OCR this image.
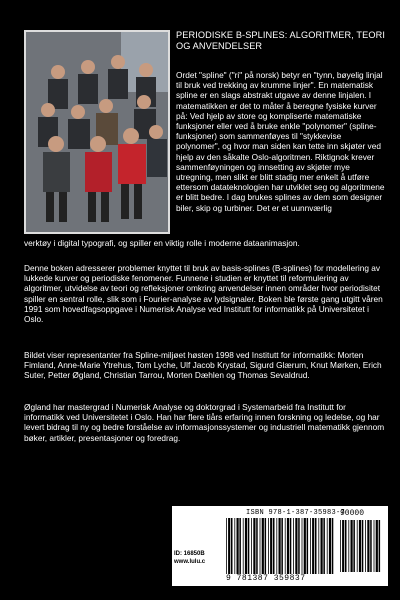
PERIODISKE B-SPLINES: ALGORITMER, TEORI OG ANVENDELSER

Ordet "spline" ("ri" på norsk) betyr en "tynn, bøyelig linjal til bruk ved trekking av krumme linjer". En matematisk spline er en slags abstrakt utgave av denne linjalen. I matematikken er det to måter å beregne fysiske kurver på: Ved hjelp av store og kompliserte matematiske funksjoner eller ved å bruke enkle "polynomer" (spline-funksjoner) som sammenføyes til "stykkevise polynomer", og hvor man siden kan tette inn skjøter ved hjelp av den såkalte Oslo-algoritmen. Riktignok krever sammenføyningen og innsetting av skjøter mye utregning, men slikt er blitt stadig mer enkelt å utføre ettersom datateknologien har utviklet seg og algoritmene er blitt bedre. I dag brukes splines av dem som designer biler, skip og turbiner. Det er et uunnværlig

verktøy i digital typografi, og spiller en viktig rolle i moderne dataanimasjon.

Denne boken adresserer problemer knyttet til bruk av basis-splines (B-splines) for modellering av lukkede kurver og periodiske fenomener. Funnene i studien er knyttet til reformulering av algoritmer, utvidelse av teori og refleksjoner omkring anvendelser innen områder hvor periodisitet spiller en sentral rolle, slik som i Fourier-analyse av lydsignaler. Boken ble første gang utgitt våren 1991 som hovedfagsoppgave i Numerisk Analyse ved Institutt for informatikk på Universitetet i Oslo.

Bildet viser representanter fra Spline-miljøet høsten 1998 ved Institutt for informatikk: Morten Fimland, Anne-Marie Ytrehus, Tom Lyche, Ulf Jacob Krystad, Sigurd Glærum, Knut Mørken, Erich Suter, Petter Øgland, Christian Tarrou, Morten Dæhlen og Thomas Sevaldrud.

Øgland har mastergrad i Numerisk Analyse og doktorgrad i Systemarbeid fra Institutt for informatikk ved Universitetet i Oslo. Han har flere tiårs erfaring innen forskning og ledelse, og har levert bidrag til ny og bedre forståelse av informasjonssystemer og industriell matematikk gjennom bøker, artikler, presentasjoner og foredrag.

ID: 16850B
www.lulu.c
ISBN 978-1-387-35983-7
90000
9 781387 359837
